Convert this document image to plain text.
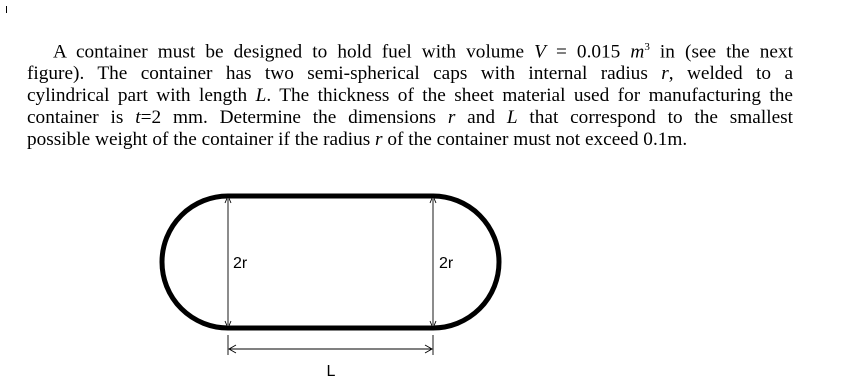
A container must be designed to hold fuel with volume V = 0.015 $m^3$ in (see the next
figure). The container has two semi-spherical caps with internal radius r, welded to a
cylindrical part with length L. The thickness of the sheet material used for manufacturing the
container is t=2 mm. Determine the dimensions r and L that correspond to the smallest
possible weight of the container if the radius r of the container must not exceed 0.1m.

2r	2r
L
